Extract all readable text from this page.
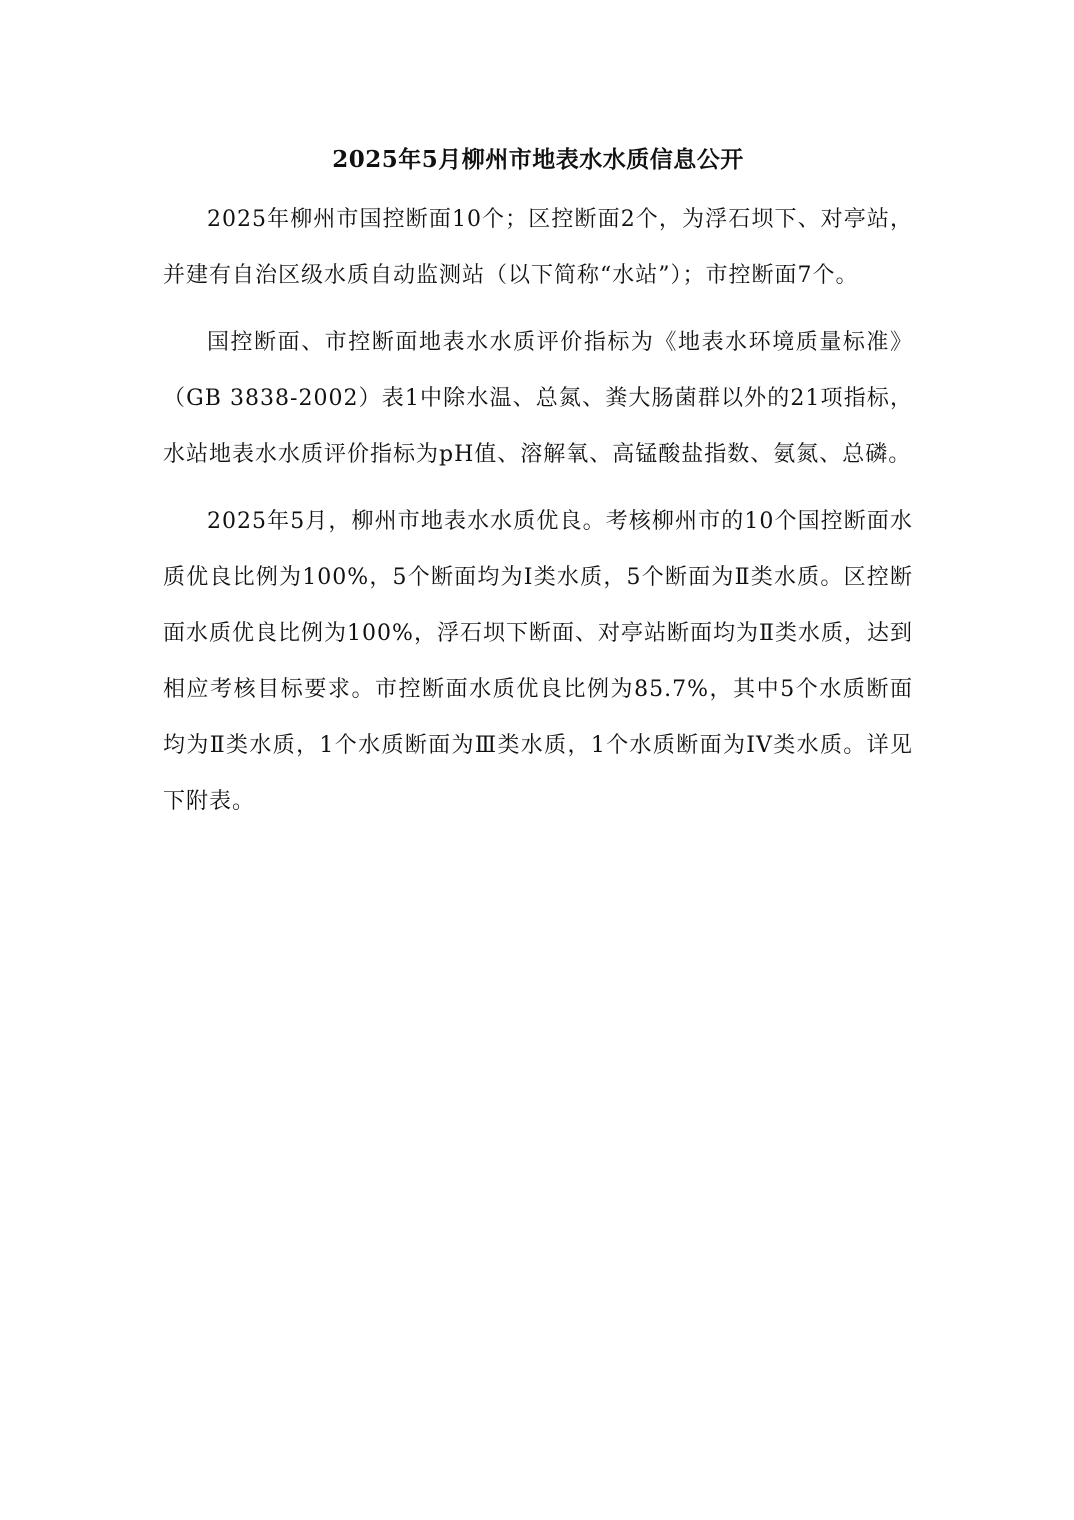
2025年5月柳州市地表水水质信息公开

2025年柳州市国控断面10个；区控断面2个，为浮石坝下、对亭站，并建有自治区级水质自动监测站（以下简称“水站”）；市控断面7个。

国控断面、市控断面地表水水质评价指标为《地表水环境质量标准》（GB 3838-2002）表1中除水温、总氮、粪大肠菌群以外的21项指标，水站地表水水质评价指标为pH值、溶解氧、高锰酸盐指数、氨氮、总磷。

2025年5月，柳州市地表水水质优良。考核柳州市的10个国控断面水质优良比例为100%，5个断面均为Ⅰ类水质，5个断面为Ⅱ类水质。区控断面水质优良比例为100%，浮石坝下断面、对亭站断面均为Ⅱ类水质，达到相应考核目标要求。市控断面水质优良比例为85.7%，其中5个水质断面均为Ⅱ类水质，1个水质断面为Ⅲ类水质，1个水质断面为IV类水质。详见下附表。
